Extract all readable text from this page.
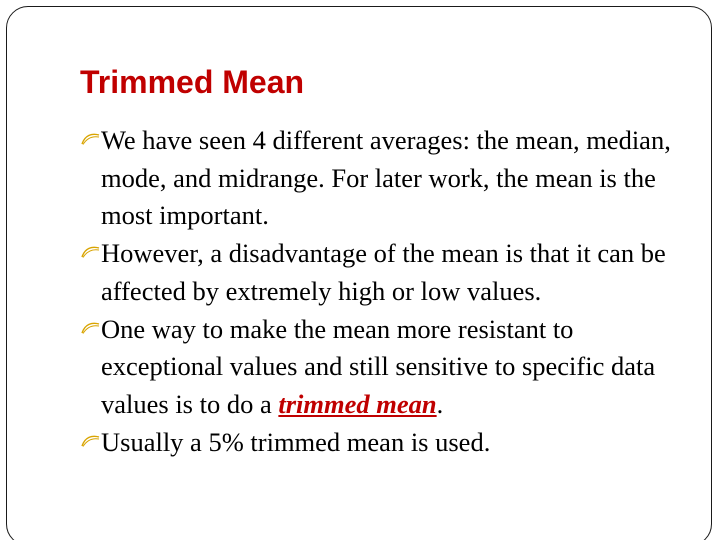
Trimmed Mean
We have seen 4 different averages: the mean, median, mode, and midrange. For later work, the mean is the most important.
However, a disadvantage of the mean is that it can be affected by extremely high or low values.
One way to make the mean more resistant to exceptional values and still sensitive to specific data values is to do a trimmed mean.
Usually a 5% trimmed mean is used.
